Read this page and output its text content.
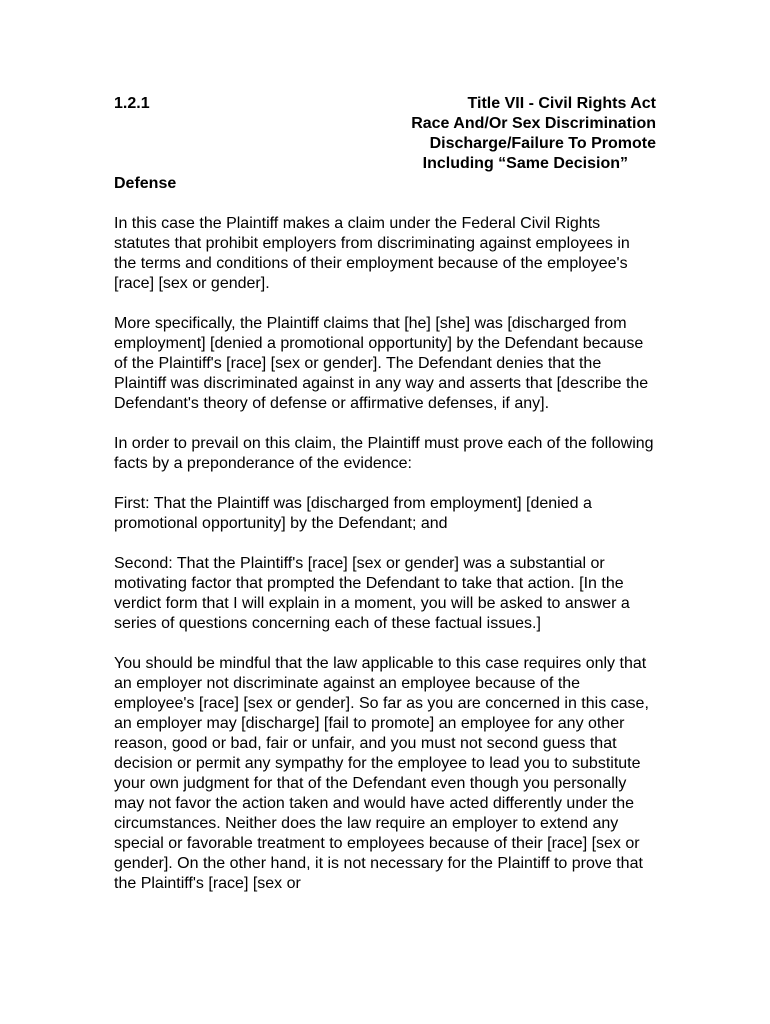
1.2.1	Title VII - Civil Rights Act

Race And/Or Sex Discrimination

Discharge/Failure To Promote

Including “Same Decision”

Defense

In this case the Plaintiff makes a claim under the Federal Civil Rights statutes that prohibit employers from discriminating against employees in the terms and conditions of their employment because of the employee's [race] [sex or gender].

More specifically, the Plaintiff claims that [he] [she] was [discharged from employment] [denied a promotional opportunity] by the Defendant because of the Plaintiff's [race] [sex or gender]. The Defendant denies that the Plaintiff was discriminated against in any way and asserts that [describe the Defendant's theory of defense or affirmative defenses, if any].

In order to prevail on this claim, the Plaintiff must prove each of the following facts by a preponderance of the evidence:

First: That the Plaintiff was [discharged from employment] [denied a promotional opportunity] by the Defendant; and

Second: That the Plaintiff's [race] [sex or gender] was a substantial or motivating factor that prompted the Defendant to take that action. [In the verdict form that I will explain in a moment, you will be asked to answer a series of questions concerning each of these factual issues.]

You should be mindful that the law applicable to this case requires only that an employer not discriminate against an employee because of the employee's [race] [sex or gender]. So far as you are concerned in this case, an employer may [discharge] [fail to promote] an employee for any other reason, good or bad, fair or unfair, and you must not second guess that decision or permit any sympathy for the employee to lead you to substitute your own judgment for that of the Defendant even though you personally may not favor the action taken and would have acted differently under the circumstances. Neither does the law require an employer to extend any special or favorable treatment to employees because of their [race] [sex or gender]. On the other hand, it is not necessary for the Plaintiff to prove that the Plaintiff's [race] [sex or
